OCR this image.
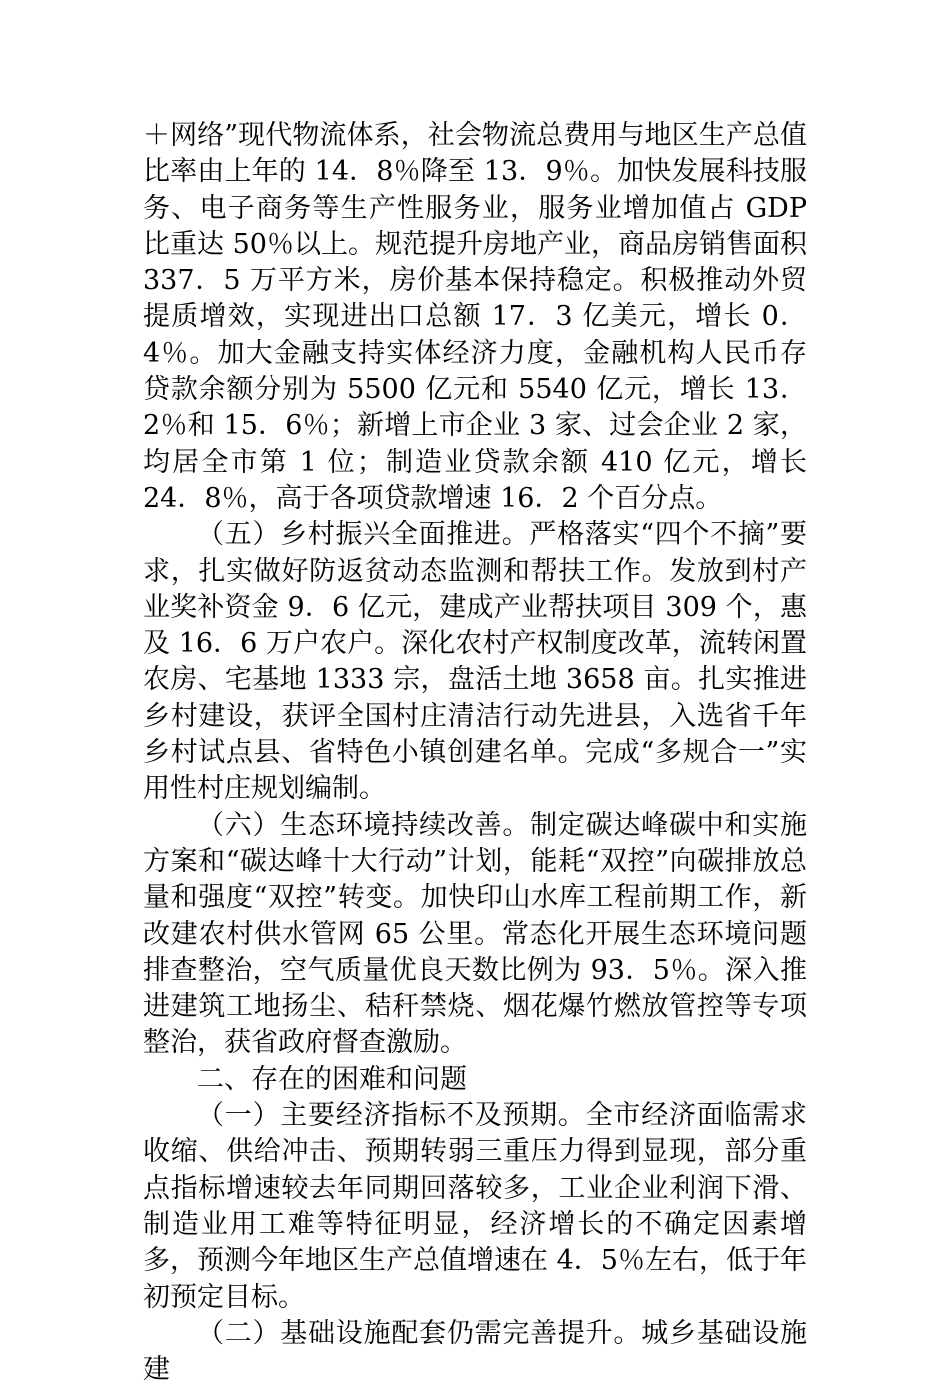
＋网络”现代物流体系，社会物流总费用与地区生产总值比率由上年的 14．8％降至 13．9％。加快发展科技服务、电子商务等生产性服务业，服务业增加值占 GDP 比重达 50％以上。规范提升房地产业，商品房销售面积 337．5 万平方米，房价基本保持稳定。积极推动外贸提质增效，实现进出口总额 17．3 亿美元，增长 0．4％。加大金融支持实体经济力度，金融机构人民币存贷款余额分别为 5500 亿元和 5540 亿元，增长 13．2％和 15．6％；新增上市企业 3 家、过会企业 2 家，均居全市第 1 位；制造业贷款余额 410 亿元，增长 24．8％，高于各项贷款增速 16．2 个百分点。

（五）乡村振兴全面推进。严格落实“四个不摘”要求，扎实做好防返贫动态监测和帮扶工作。发放到村产业奖补资金 9．6 亿元，建成产业帮扶项目 309 个，惠及 16．6 万户农户。深化农村产权制度改革，流转闲置农房、宅基地 1333 宗，盘活土地 3658 亩。扎实推进乡村建设，获评全国村庄清洁行动先进县，入选省千年乡村试点县、省特色小镇创建名单。完成“多规合一”实用性村庄规划编制。

（六）生态环境持续改善。制定碳达峰碳中和实施方案和“碳达峰十大行动”计划，能耗“双控”向碳排放总量和强度“双控”转变。加快印山水库工程前期工作，新改建农村供水管网 65 公里。常态化开展生态环境问题排查整治，空气质量优良天数比例为 93．5％。深入推进建筑工地扬尘、秸秆禁烧、烟花爆竹燃放管控等专项整治，获省政府督查激励。

二、存在的困难和问题

（一）主要经济指标不及预期。全市经济面临需求收缩、供给冲击、预期转弱三重压力得到显现，部分重点指标增速较去年同期回落较多，工业企业利润下滑、制造业用工难等特征明显，经济增长的不确定因素增多，预测今年地区生产总值增速在 4．5％左右，低于年初预定目标。

（二）基础设施配套仍需完善提升。城乡基础设施建
